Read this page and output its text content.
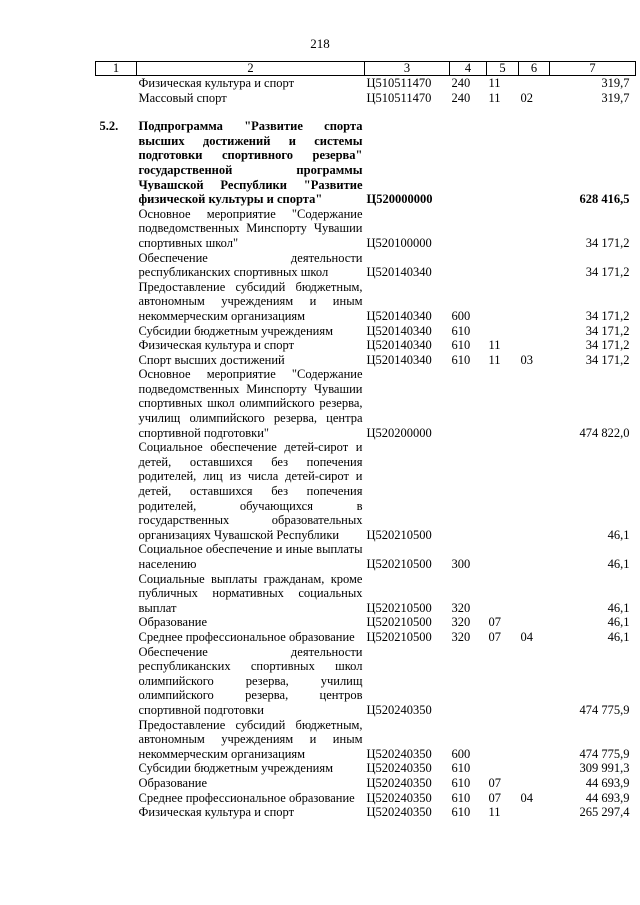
218
1	2	3	4	5	6	7
	Физическая культура и спорт	Ц510511470	240	11		319,7
	Массовый спорт	Ц510511470	240	11	02	319,7

5.2.	Подпрограмма "Развитие спорта высших достижений и системы подготовки спортивного резерва" государственной программы Чувашской Республики "Развитие физической культуры и спорта"	Ц520000000				628 416,5
	Основное мероприятие "Содержание подведомственных Минспорту Чувашии спортивных школ"	Ц520100000				34 171,2
	Обеспечение деятельности республиканских спортивных школ	Ц520140340				34 171,2
	Предоставление субсидий бюджетным, автономным учреждениям и иным некоммерческим организациям	Ц520140340	600			34 171,2
	Субсидии бюджетным учреждениям	Ц520140340	610			34 171,2
	Физическая культура и спорт	Ц520140340	610	11		34 171,2
	Спорт высших достижений	Ц520140340	610	11	03	34 171,2
	Основное мероприятие "Содержание подведомственных Минспорту Чувашии спортивных школ олимпийского резерва, училищ олимпийского резерва, центра спортивной подготовки"	Ц520200000				474 822,0
	Социальное обеспечение детей-сирот и детей, оставшихся без попечения родителей, лиц из числа детей-сирот и детей, оставшихся без попечения родителей, обучающихся в государственных образовательных организациях Чувашской Республики	Ц520210500				46,1
	Социальное обеспечение и иные выплаты населению	Ц520210500	300			46,1
	Социальные выплаты гражданам, кроме публичных нормативных социальных выплат	Ц520210500	320			46,1
	Образование	Ц520210500	320	07		46,1
	Среднее профессиональное образование	Ц520210500	320	07	04	46,1
	Обеспечение деятельности республиканских спортивных школ олимпийского резерва, училищ олимпийского резерва, центров спортивной подготовки	Ц520240350				474 775,9
	Предоставление субсидий бюджетным, автономным учреждениям и иным некоммерческим организациям	Ц520240350	600			474 775,9
	Субсидии бюджетным учреждениям	Ц520240350	610			309 991,3
	Образование	Ц520240350	610	07		44 693,9
	Среднее профессиональное образование	Ц520240350	610	07	04	44 693,9
	Физическая культура и спорт	Ц520240350	610	11		265 297,4
